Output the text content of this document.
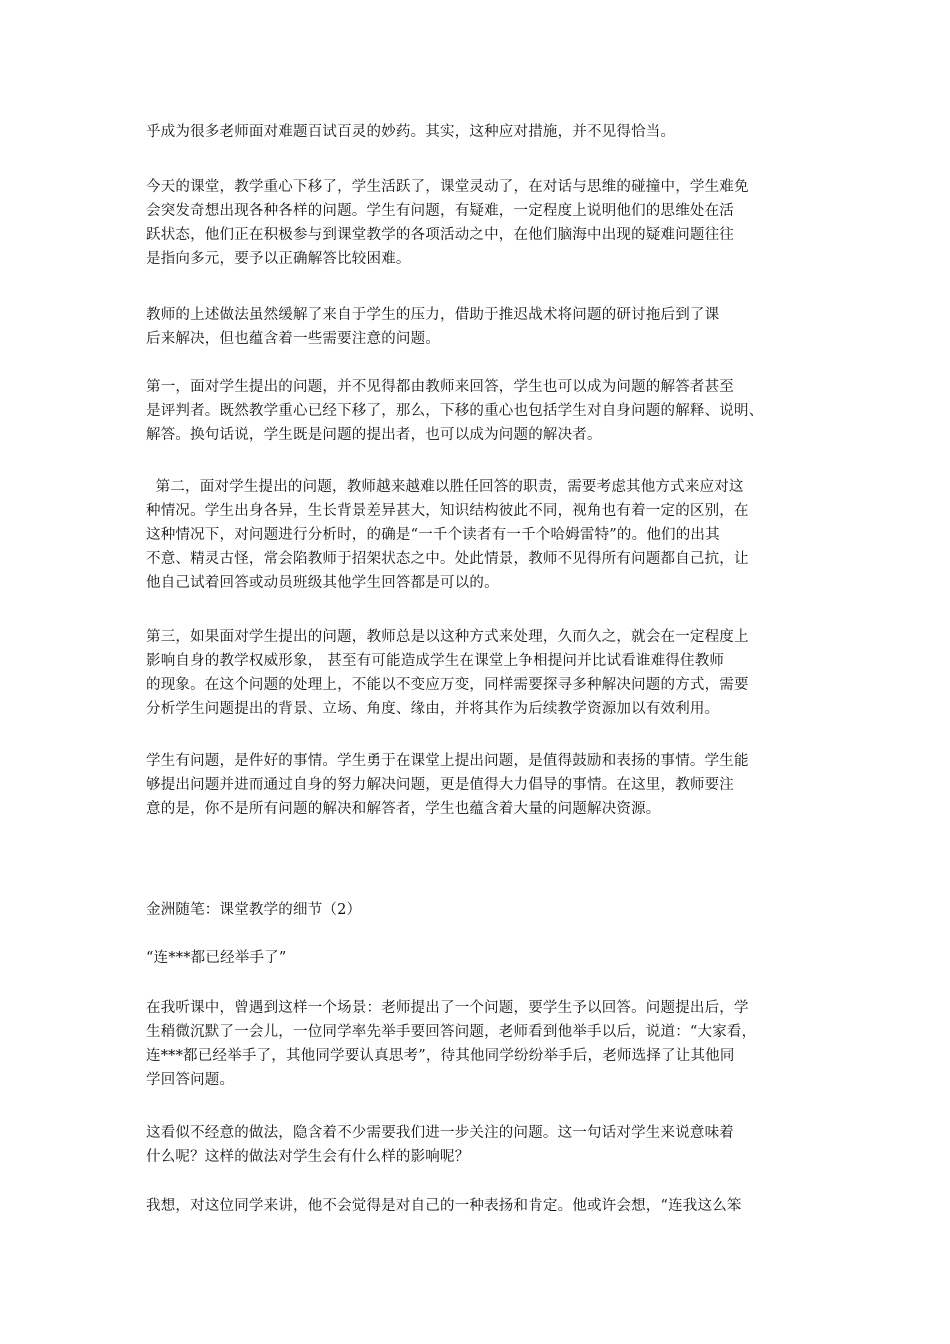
乎成为很多老师面对难题百试百灵的妙药。其实，这种应对措施，并不见得恰当。
今天的课堂，教学重心下移了，学生活跃了，课堂灵动了，在对话与思维的碰撞中，学生难免
会突发奇想出现各种各样的问题。学生有问题，有疑难，一定程度上说明他们的思维处在活
跃状态，他们正在积极参与到课堂教学的各项活动之中，在他们脑海中出现的疑难问题往往
是指向多元，要予以正确解答比较困难。
教师的上述做法虽然缓解了来自于学生的压力，借助于推迟战术将问题的研讨拖后到了课
后来解决，但也蕴含着一些需要注意的问题。
第一，面对学生提出的问题，并不见得都由教师来回答，学生也可以成为问题的解答者甚至
是评判者。既然教学重心已经下移了，那么，下移的重心也包括学生对自身问题的解释、说明、
解答。换句话说，学生既是问题的提出者，也可以成为问题的解决者。
第二，面对学生提出的问题，教师越来越难以胜任回答的职责，需要考虑其他方式来应对这
种情况。学生出身各异，生长背景差异甚大，知识结构彼此不同，视角也有着一定的区别，在
这种情况下，对问题进行分析时，的确是“一千个读者有一千个哈姆雷特”的。他们的出其
不意、精灵古怪，常会陷教师于招架状态之中。处此情景，教师不见得所有问题都自己抗，让
他自己试着回答或动员班级其他学生回答都是可以的。
第三，如果面对学生提出的问题，教师总是以这种方式来处理，久而久之，就会在一定程度上
影响自身的教学权威形象， 甚至有可能造成学生在课堂上争相提问并比试看谁难得住教师
的现象。在这个问题的处理上，不能以不变应万变，同样需要探寻多种解决问题的方式，需要
分析学生问题提出的背景、立场、角度、缘由，并将其作为后续教学资源加以有效利用。
学生有问题，是件好的事情。学生勇于在课堂上提出问题，是值得鼓励和表扬的事情。学生能
够提出问题并进而通过自身的努力解决问题，更是值得大力倡导的事情。在这里，教师要注
意的是，你不是所有问题的解决和解答者，学生也蕴含着大量的问题解决资源。
金洲随笔：课堂教学的细节（2）
“连***都已经举手了”
在我听课中，曾遇到这样一个场景：老师提出了一个问题，要学生予以回答。问题提出后，学
生稍微沉默了一会儿，一位同学率先举手要回答问题，老师看到他举手以后，说道：“大家看，
连***都已经举手了，其他同学要认真思考”，待其他同学纷纷举手后，老师选择了让其他同
学回答问题。
这看似不经意的做法，隐含着不少需要我们进一步关注的问题。这一句话对学生来说意味着
什么呢？这样的做法对学生会有什么样的影响呢？
我想，对这位同学来讲，他不会觉得是对自己的一种表扬和肯定。他或许会想，“连我这么笨
